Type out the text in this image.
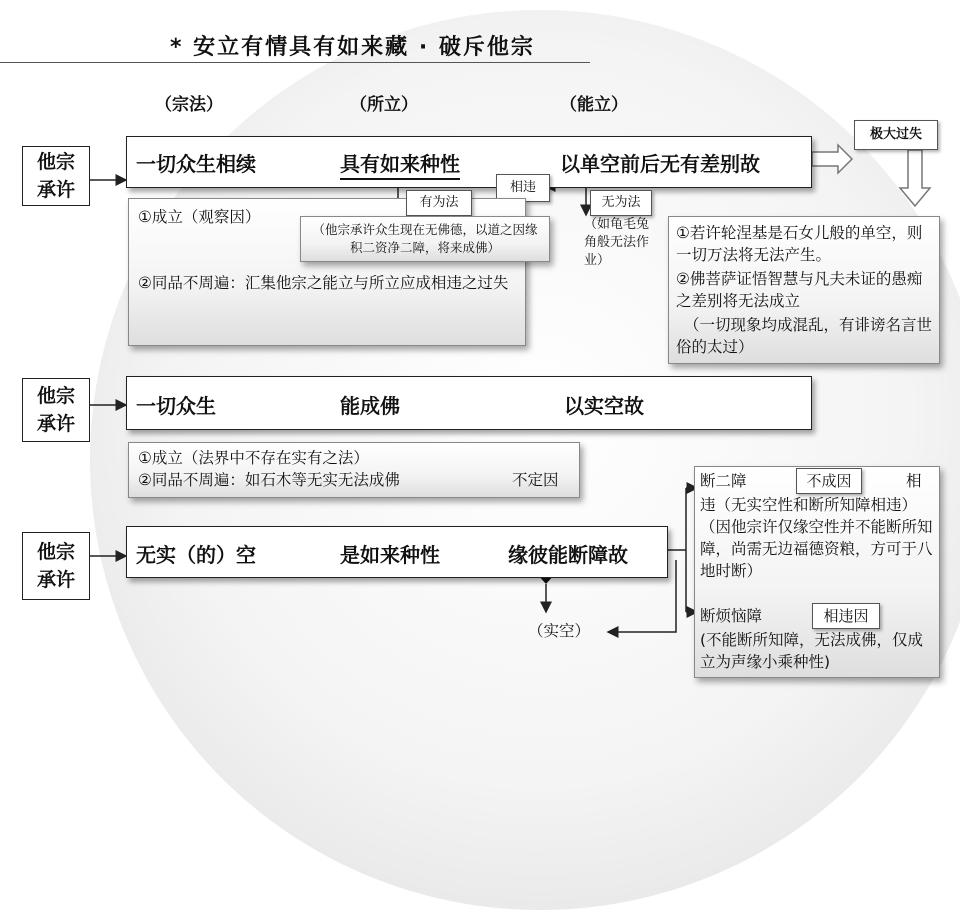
* 安立有情具有如来藏 · 破斥他宗
（宗法）	（所立）	（能立）
他宗承许
一切众生相续	具有如来种性	以单空前后无有差别故
极大过失
相违
①成立（观察因）
②同品不周遍：汇集他宗之能立与所立应成相违之过失
有为法
（他宗承许众生现在无佛德，以道之因缘积二资净二障，将来成佛）
无为法
（如龟毛兔角般无法作业）
①若许轮涅基是石女儿般的单空，则一切万法将无法产生。
②佛菩萨证悟智慧与凡夫未证的愚痴之差别将无法成立
（一切现象均成混乱，有诽谤名言世俗的太过）
他宗承许
一切众生	能成佛	以实空故
①成立（法界中不存在实有之法）
②同品不周遍：如石木等无实无法成佛	不定因
他宗承许
无实（的）空	是如来种性	缘彼能断障故
（实空）
断二障	不成因	相
违（无实空性和断所知障相违）（因他宗许仅缘空性并不能断所知障，尚需无边福德资粮，方可于八地时断）
断烦恼障	相违因
(不能断所知障，无法成佛，仅成立为声缘小乘种性)
